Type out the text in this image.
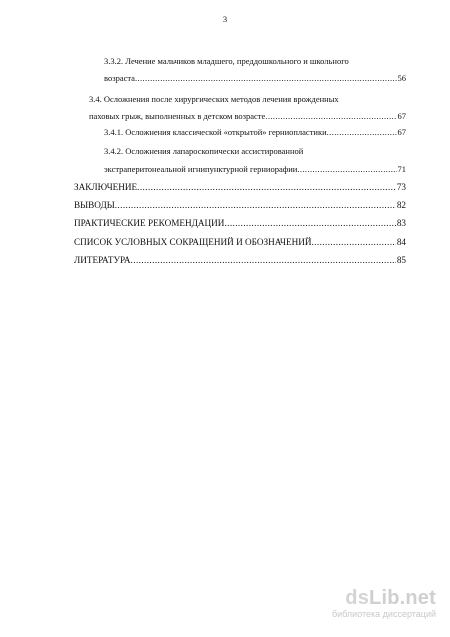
3
3.3.2. Лечение мальчиков младшего, преддошкольного и школьного
возраста .....	56
3.4. Осложнения после хирургических методов лечения врожденных
паховых грыж, выполненных в детском возрасте .....	67
3.4.1. Осложнения классической «открытой» герниопластики .....	67
3.4.2. Осложнения лапароскопически ассистированной
экстраперитонеальной игнипунктурной герниорафии .....	71
ЗАКЛЮЧЕНИЕ .....	73
ВЫВОДЫ .....	82
ПРАКТИЧЕСКИЕ РЕКОМЕНДАЦИИ .....	83
СПИСОК УСЛОВНЫХ СОКРАЩЕНИЙ И ОБОЗНАЧЕНИЙ .....	84
ЛИТЕРАТУРА .....	85
dsLib.net
библиотека диссертаций
